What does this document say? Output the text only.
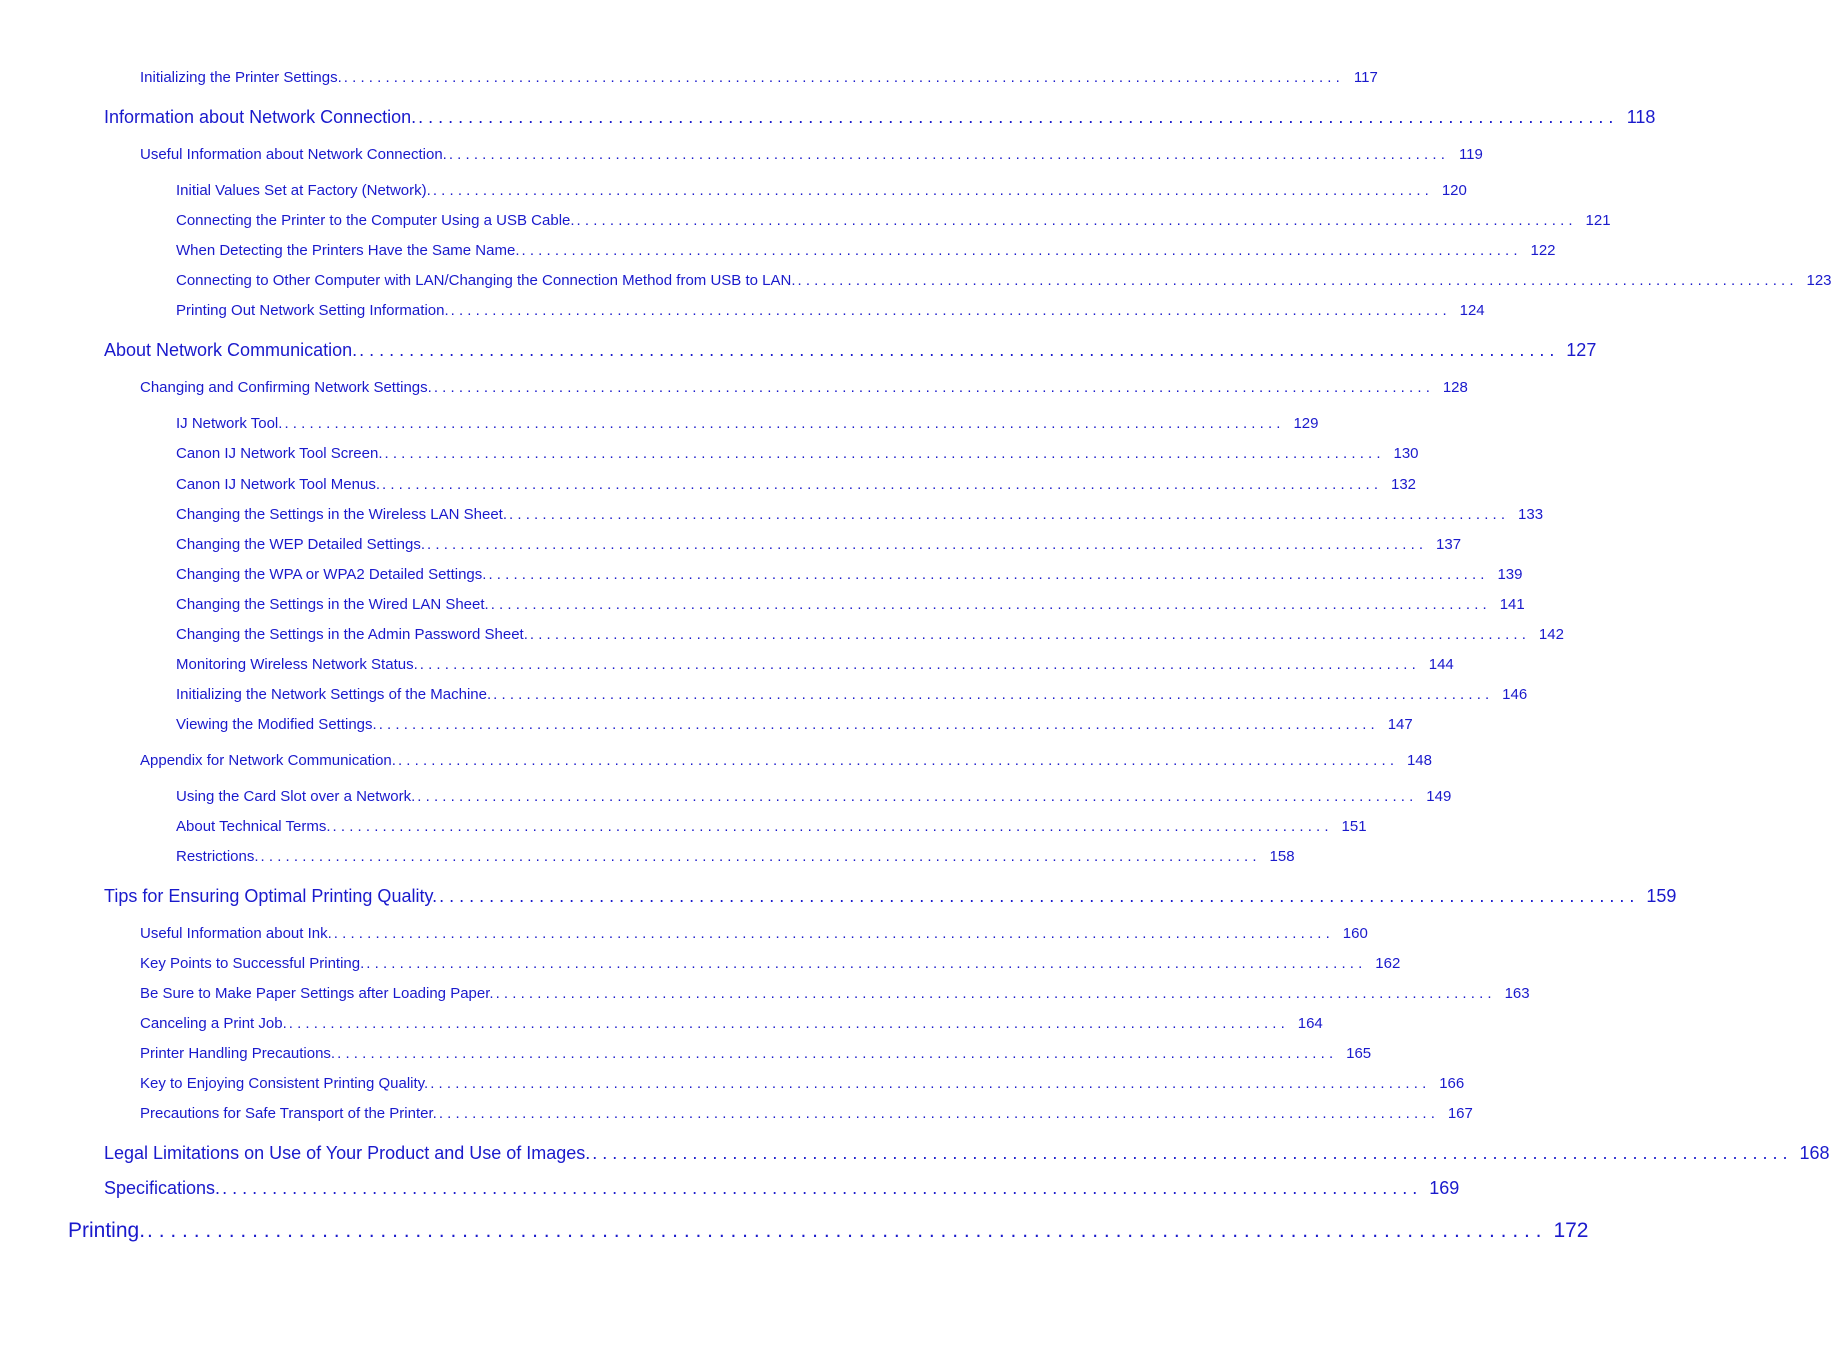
Initializing the Printer Settings. . . . . . . . . . . . . . . . . . . . . . . . . . . . . . . . . . . . . . . . . . . . . . . . . . . . . . . . . . . . . . . . . . . . . . . . . . . . . . . . . . . . . . . . . . . . . . . . . . . . . . . . . . . . . . . . . . . . . . . . . 117
Information about Network Connection. . . . . . . . . . . . . . . . . . . . . . . . . . . . . . . . . . . . . . . . . . . . . . . . . . . . . . . . . . . . . . . . . . . . . . . . . . . . . . . . . . . . . . . . . . . . . . . . . . . . . . . . . . . . . . . . . . . . . . . . . 118
Useful Information about Network Connection. . . . . . . . . . . . . . . . . . . . . . . . . . . . . . . . . . . . . . . . . . . . . . . . . . . . . . . . . . . . . . . . . . . . . . . . . . . . . . . . . . . . . . . . . . . . . . . . . . . . . . . . . . . . . . . . . . . . . . . . . 119
Initial Values Set at Factory (Network). . . . . . . . . . . . . . . . . . . . . . . . . . . . . . . . . . . . . . . . . . . . . . . . . . . . . . . . . . . . . . . . . . . . . . . . . . . . . . . . . . . . . . . . . . . . . . . . . . . . . . . . . . . . . . . . . . . . . . . . . 120
Connecting the Printer to the Computer Using a USB Cable. . . . . . . . . . . . . . . . . . . . . . . . . . . . . . . . . . . . . . . . . . . . . . . . . . . . . . . . . . . . . . . . . . . . . . . . . . . . . . . . . . . . . . . . . . . . . . . . . . . . . . . . . . . . . . . . . . . . . . . . . 121
When Detecting the Printers Have the Same Name. . . . . . . . . . . . . . . . . . . . . . . . . . . . . . . . . . . . . . . . . . . . . . . . . . . . . . . . . . . . . . . . . . . . . . . . . . . . . . . . . . . . . . . . . . . . . . . . . . . . . . . . . . . . . . . . . . . . . . . . . 122
Connecting to Other Computer with LAN/Changing the Connection Method from USB to LAN. . . . . . . . . . . . . . . . . . . . . . . . . . . . . . . . . . . . . . . . . . . . . . . . . . . . . . . . . . . . . . . . . . . . . . . . . . . . . . . . . . . . . . . . . . . . . . . . . . . . . . . . . . . . . . . . . . . . . . . . . 123
Printing Out Network Setting Information. . . . . . . . . . . . . . . . . . . . . . . . . . . . . . . . . . . . . . . . . . . . . . . . . . . . . . . . . . . . . . . . . . . . . . . . . . . . . . . . . . . . . . . . . . . . . . . . . . . . . . . . . . . . . . . . . . . . . . . . . 124
About Network Communication. . . . . . . . . . . . . . . . . . . . . . . . . . . . . . . . . . . . . . . . . . . . . . . . . . . . . . . . . . . . . . . . . . . . . . . . . . . . . . . . . . . . . . . . . . . . . . . . . . . . . . . . . . . . . . . . . . . . . . . . . 127
Changing and Confirming Network Settings. . . . . . . . . . . . . . . . . . . . . . . . . . . . . . . . . . . . . . . . . . . . . . . . . . . . . . . . . . . . . . . . . . . . . . . . . . . . . . . . . . . . . . . . . . . . . . . . . . . . . . . . . . . . . . . . . . . . . . . . . 128
IJ Network Tool. . . . . . . . . . . . . . . . . . . . . . . . . . . . . . . . . . . . . . . . . . . . . . . . . . . . . . . . . . . . . . . . . . . . . . . . . . . . . . . . . . . . . . . . . . . . . . . . . . . . . . . . . . . . . . . . . . . . . . . . . 129
Canon IJ Network Tool Screen. . . . . . . . . . . . . . . . . . . . . . . . . . . . . . . . . . . . . . . . . . . . . . . . . . . . . . . . . . . . . . . . . . . . . . . . . . . . . . . . . . . . . . . . . . . . . . . . . . . . . . . . . . . . . . . . . . . . . . . . . 130
Canon IJ Network Tool Menus. . . . . . . . . . . . . . . . . . . . . . . . . . . . . . . . . . . . . . . . . . . . . . . . . . . . . . . . . . . . . . . . . . . . . . . . . . . . . . . . . . . . . . . . . . . . . . . . . . . . . . . . . . . . . . . . . . . . . . . . . 132
Changing the Settings in the Wireless LAN Sheet. . . . . . . . . . . . . . . . . . . . . . . . . . . . . . . . . . . . . . . . . . . . . . . . . . . . . . . . . . . . . . . . . . . . . . . . . . . . . . . . . . . . . . . . . . . . . . . . . . . . . . . . . . . . . . . . . . . . . . . . . 133
Changing the WEP Detailed Settings. . . . . . . . . . . . . . . . . . . . . . . . . . . . . . . . . . . . . . . . . . . . . . . . . . . . . . . . . . . . . . . . . . . . . . . . . . . . . . . . . . . . . . . . . . . . . . . . . . . . . . . . . . . . . . . . . . . . . . . . . 137
Changing the WPA or WPA2 Detailed Settings. . . . . . . . . . . . . . . . . . . . . . . . . . . . . . . . . . . . . . . . . . . . . . . . . . . . . . . . . . . . . . . . . . . . . . . . . . . . . . . . . . . . . . . . . . . . . . . . . . . . . . . . . . . . . . . . . . . . . . . . . 139
Changing the Settings in the Wired LAN Sheet. . . . . . . . . . . . . . . . . . . . . . . . . . . . . . . . . . . . . . . . . . . . . . . . . . . . . . . . . . . . . . . . . . . . . . . . . . . . . . . . . . . . . . . . . . . . . . . . . . . . . . . . . . . . . . . . . . . . . . . . . 141
Changing the Settings in the Admin Password Sheet. . . . . . . . . . . . . . . . . . . . . . . . . . . . . . . . . . . . . . . . . . . . . . . . . . . . . . . . . . . . . . . . . . . . . . . . . . . . . . . . . . . . . . . . . . . . . . . . . . . . . . . . . . . . . . . . . . . . . . . . . 142
Monitoring Wireless Network Status. . . . . . . . . . . . . . . . . . . . . . . . . . . . . . . . . . . . . . . . . . . . . . . . . . . . . . . . . . . . . . . . . . . . . . . . . . . . . . . . . . . . . . . . . . . . . . . . . . . . . . . . . . . . . . . . . . . . . . . . . 144
Initializing the Network Settings of the Machine. . . . . . . . . . . . . . . . . . . . . . . . . . . . . . . . . . . . . . . . . . . . . . . . . . . . . . . . . . . . . . . . . . . . . . . . . . . . . . . . . . . . . . . . . . . . . . . . . . . . . . . . . . . . . . . . . . . . . . . . . 146
Viewing the Modified Settings. . . . . . . . . . . . . . . . . . . . . . . . . . . . . . . . . . . . . . . . . . . . . . . . . . . . . . . . . . . . . . . . . . . . . . . . . . . . . . . . . . . . . . . . . . . . . . . . . . . . . . . . . . . . . . . . . . . . . . . . . 147
Appendix for Network Communication. . . . . . . . . . . . . . . . . . . . . . . . . . . . . . . . . . . . . . . . . . . . . . . . . . . . . . . . . . . . . . . . . . . . . . . . . . . . . . . . . . . . . . . . . . . . . . . . . . . . . . . . . . . . . . . . . . . . . . . . . 148
Using the Card Slot over a Network. . . . . . . . . . . . . . . . . . . . . . . . . . . . . . . . . . . . . . . . . . . . . . . . . . . . . . . . . . . . . . . . . . . . . . . . . . . . . . . . . . . . . . . . . . . . . . . . . . . . . . . . . . . . . . . . . . . . . . . . . 149
About Technical Terms. . . . . . . . . . . . . . . . . . . . . . . . . . . . . . . . . . . . . . . . . . . . . . . . . . . . . . . . . . . . . . . . . . . . . . . . . . . . . . . . . . . . . . . . . . . . . . . . . . . . . . . . . . . . . . . . . . . . . . . . . 151
Restrictions. . . . . . . . . . . . . . . . . . . . . . . . . . . . . . . . . . . . . . . . . . . . . . . . . . . . . . . . . . . . . . . . . . . . . . . . . . . . . . . . . . . . . . . . . . . . . . . . . . . . . . . . . . . . . . . . . . . . . . . . . 158
Tips for Ensuring Optimal Printing Quality. . . . . . . . . . . . . . . . . . . . . . . . . . . . . . . . . . . . . . . . . . . . . . . . . . . . . . . . . . . . . . . . . . . . . . . . . . . . . . . . . . . . . . . . . . . . . . . . . . . . . . . . . . . . . . . . . . . . . . . . . 159
Useful Information about Ink. . . . . . . . . . . . . . . . . . . . . . . . . . . . . . . . . . . . . . . . . . . . . . . . . . . . . . . . . . . . . . . . . . . . . . . . . . . . . . . . . . . . . . . . . . . . . . . . . . . . . . . . . . . . . . . . . . . . . . . . . 160
Key Points to Successful Printing. . . . . . . . . . . . . . . . . . . . . . . . . . . . . . . . . . . . . . . . . . . . . . . . . . . . . . . . . . . . . . . . . . . . . . . . . . . . . . . . . . . . . . . . . . . . . . . . . . . . . . . . . . . . . . . . . . . . . . . . . 162
Be Sure to Make Paper Settings after Loading Paper. . . . . . . . . . . . . . . . . . . . . . . . . . . . . . . . . . . . . . . . . . . . . . . . . . . . . . . . . . . . . . . . . . . . . . . . . . . . . . . . . . . . . . . . . . . . . . . . . . . . . . . . . . . . . . . . . . . . . . . . . 163
Canceling a Print Job. . . . . . . . . . . . . . . . . . . . . . . . . . . . . . . . . . . . . . . . . . . . . . . . . . . . . . . . . . . . . . . . . . . . . . . . . . . . . . . . . . . . . . . . . . . . . . . . . . . . . . . . . . . . . . . . . . . . . . . . . 164
Printer Handling Precautions. . . . . . . . . . . . . . . . . . . . . . . . . . . . . . . . . . . . . . . . . . . . . . . . . . . . . . . . . . . . . . . . . . . . . . . . . . . . . . . . . . . . . . . . . . . . . . . . . . . . . . . . . . . . . . . . . . . . . . . . . 165
Key to Enjoying Consistent Printing Quality. . . . . . . . . . . . . . . . . . . . . . . . . . . . . . . . . . . . . . . . . . . . . . . . . . . . . . . . . . . . . . . . . . . . . . . . . . . . . . . . . . . . . . . . . . . . . . . . . . . . . . . . . . . . . . . . . . . . . . . . . 166
Precautions for Safe Transport of the Printer. . . . . . . . . . . . . . . . . . . . . . . . . . . . . . . . . . . . . . . . . . . . . . . . . . . . . . . . . . . . . . . . . . . . . . . . . . . . . . . . . . . . . . . . . . . . . . . . . . . . . . . . . . . . . . . . . . . . . . . . . 167
Legal Limitations on Use of Your Product and Use of Images. . . . . . . . . . . . . . . . . . . . . . . . . . . . . . . . . . . . . . . . . . . . . . . . . . . . . . . . . . . . . . . . . . . . . . . . . . . . . . . . . . . . . . . . . . . . . . . . . . . . . . . . . . . . . . . . . . . . . . . . . 168
Specifications. . . . . . . . . . . . . . . . . . . . . . . . . . . . . . . . . . . . . . . . . . . . . . . . . . . . . . . . . . . . . . . . . . . . . . . . . . . . . . . . . . . . . . . . . . . . . . . . . . . . . . . . . . . . . . . . . . . . . . . . . 169
Printing. . . . . . . . . . . . . . . . . . . . . . . . . . . . . . . . . . . . . . . . . . . . . . . . . . . . . . . . . . . . . . . . . . . . . . . . . . . . . . . . . . . . . . . . . . . . . . . . . . . . . . . . . . . . . . . . . . . . . . . . . 172
